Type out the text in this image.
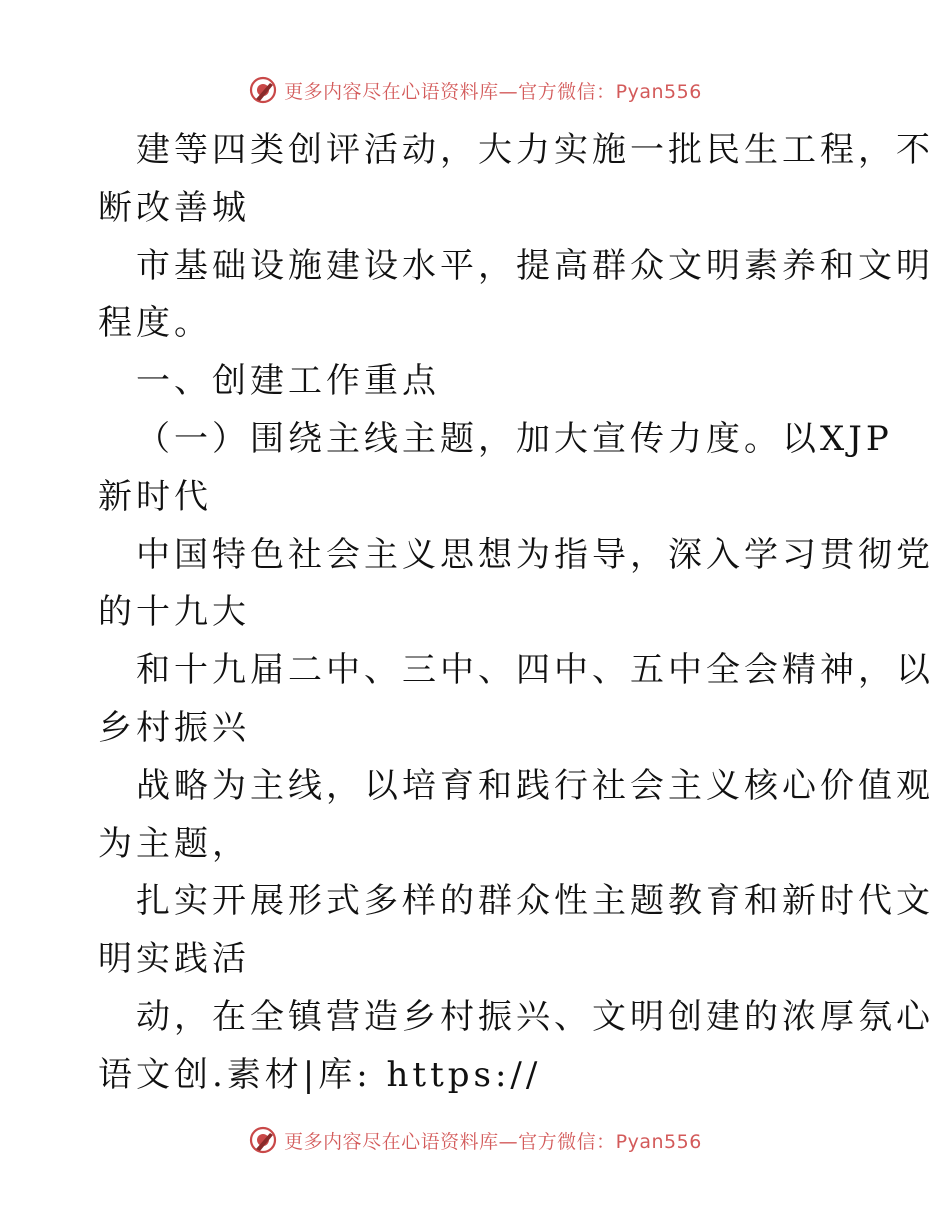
更多内容尽在心语资料库—官方微信：Pyan556
建等四类创评活动，大力实施一批民生工程，不
断改善城
市基础设施建设水平，提高群众文明素养和文明
程度。
一、创建工作重点
（一）围绕主线主题，加大宣传力度。以XJP
新时代
中国特色社会主义思想为指导，深入学习贯彻党
的十九大
和十九届二中、三中、四中、五中全会精神，以
乡村振兴
战略为主线，以培育和践行社会主义核心价值观
为主题，
扎实开展形式多样的群众性主题教育和新时代文
明实践活
动，在全镇营造乡村振兴、文明创建的浓厚氛心
语文创.素材|库: https://
更多内容尽在心语资料库—官方微信：Pyan556
